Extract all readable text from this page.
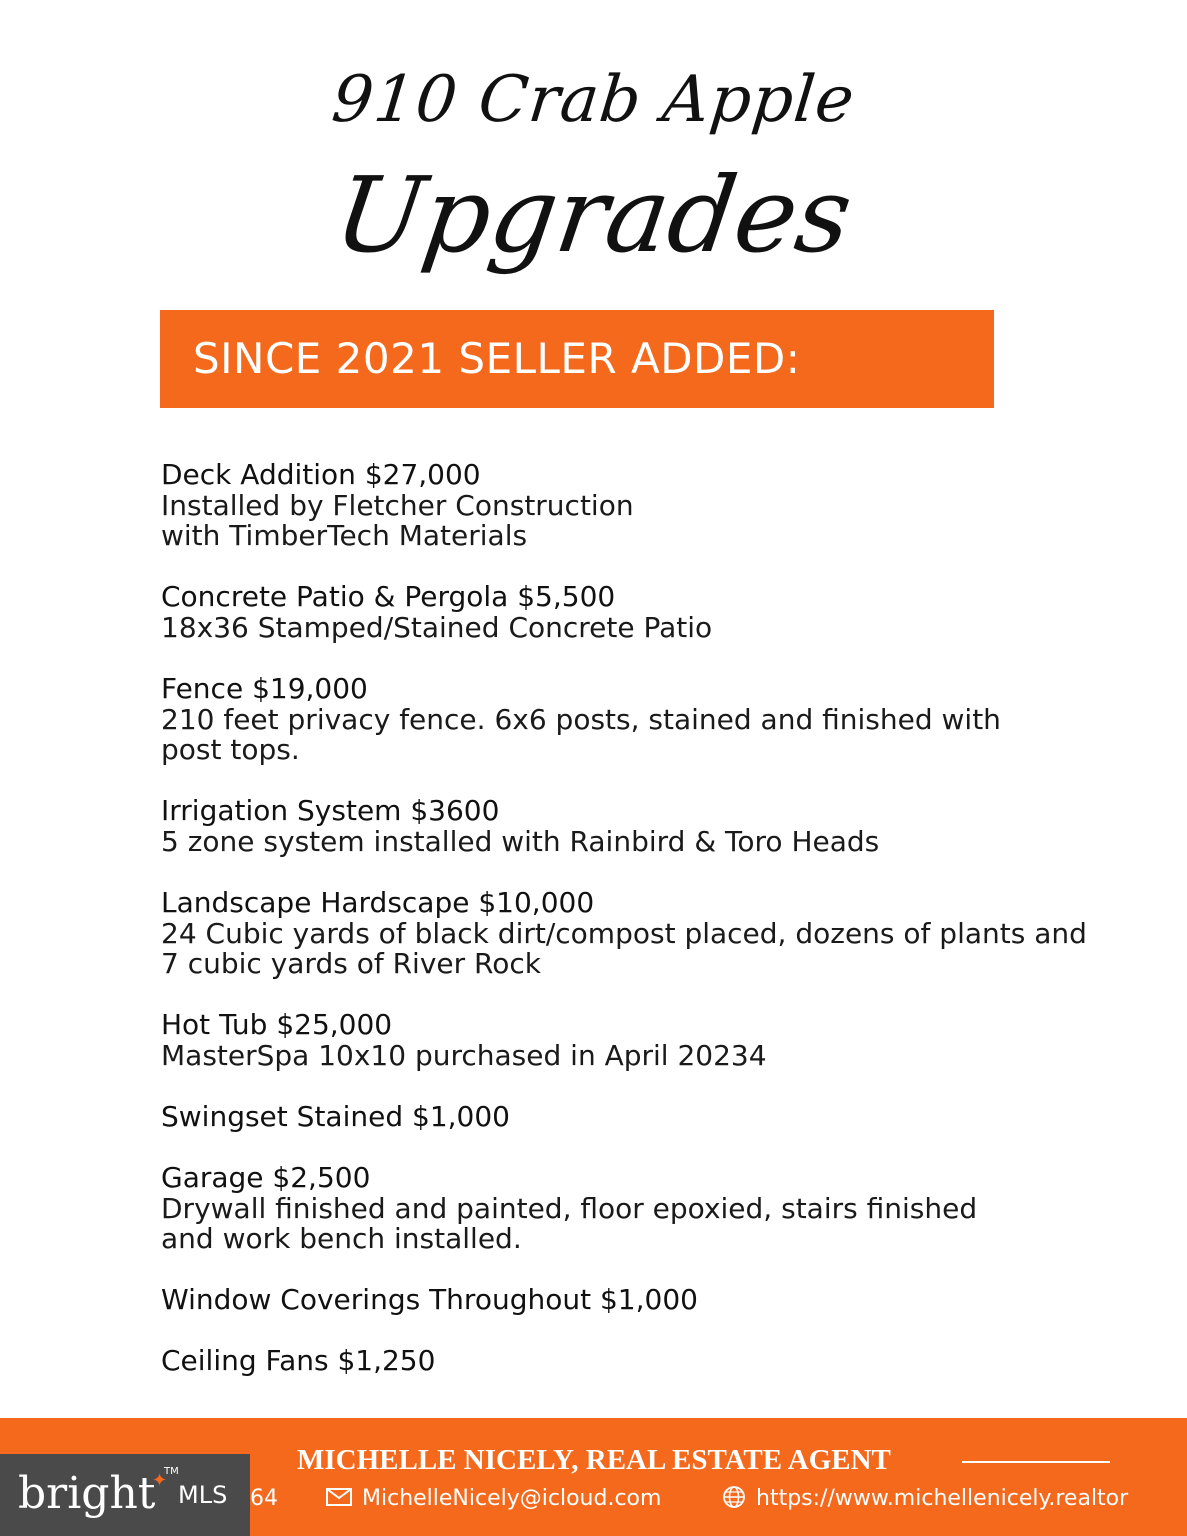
910 Crab Apple
Upgrades
SINCE 2021 SELLER ADDED:
Deck Addition $27,000
Installed by Fletcher Construction
with TimberTech Materials
Concrete Patio & Pergola $5,500
18x36 Stamped/Stained Concrete Patio
Fence $19,000
210 feet privacy fence. 6x6 posts, stained and finished with
post tops.
Irrigation System $3600
5 zone system installed with Rainbird & Toro Heads
Landscape Hardscape $10,000
24 Cubic yards of black dirt/compost placed, dozens of plants and
7 cubic yards of River Rock
Hot Tub $25,000
MasterSpa 10x10 purchased in April 20234
Swingset Stained $1,000
Garage $2,500
Drywall finished and painted, floor epoxied, stairs finished
and work bench installed.
Window Coverings Throughout $1,000
Ceiling Fans $1,250
MICHELLE NICELY, REAL ESTATE AGENT
64	MichelleNicely@icloud.com	https://www.michellenicely.realtor
bright
✦
TM
MLS
